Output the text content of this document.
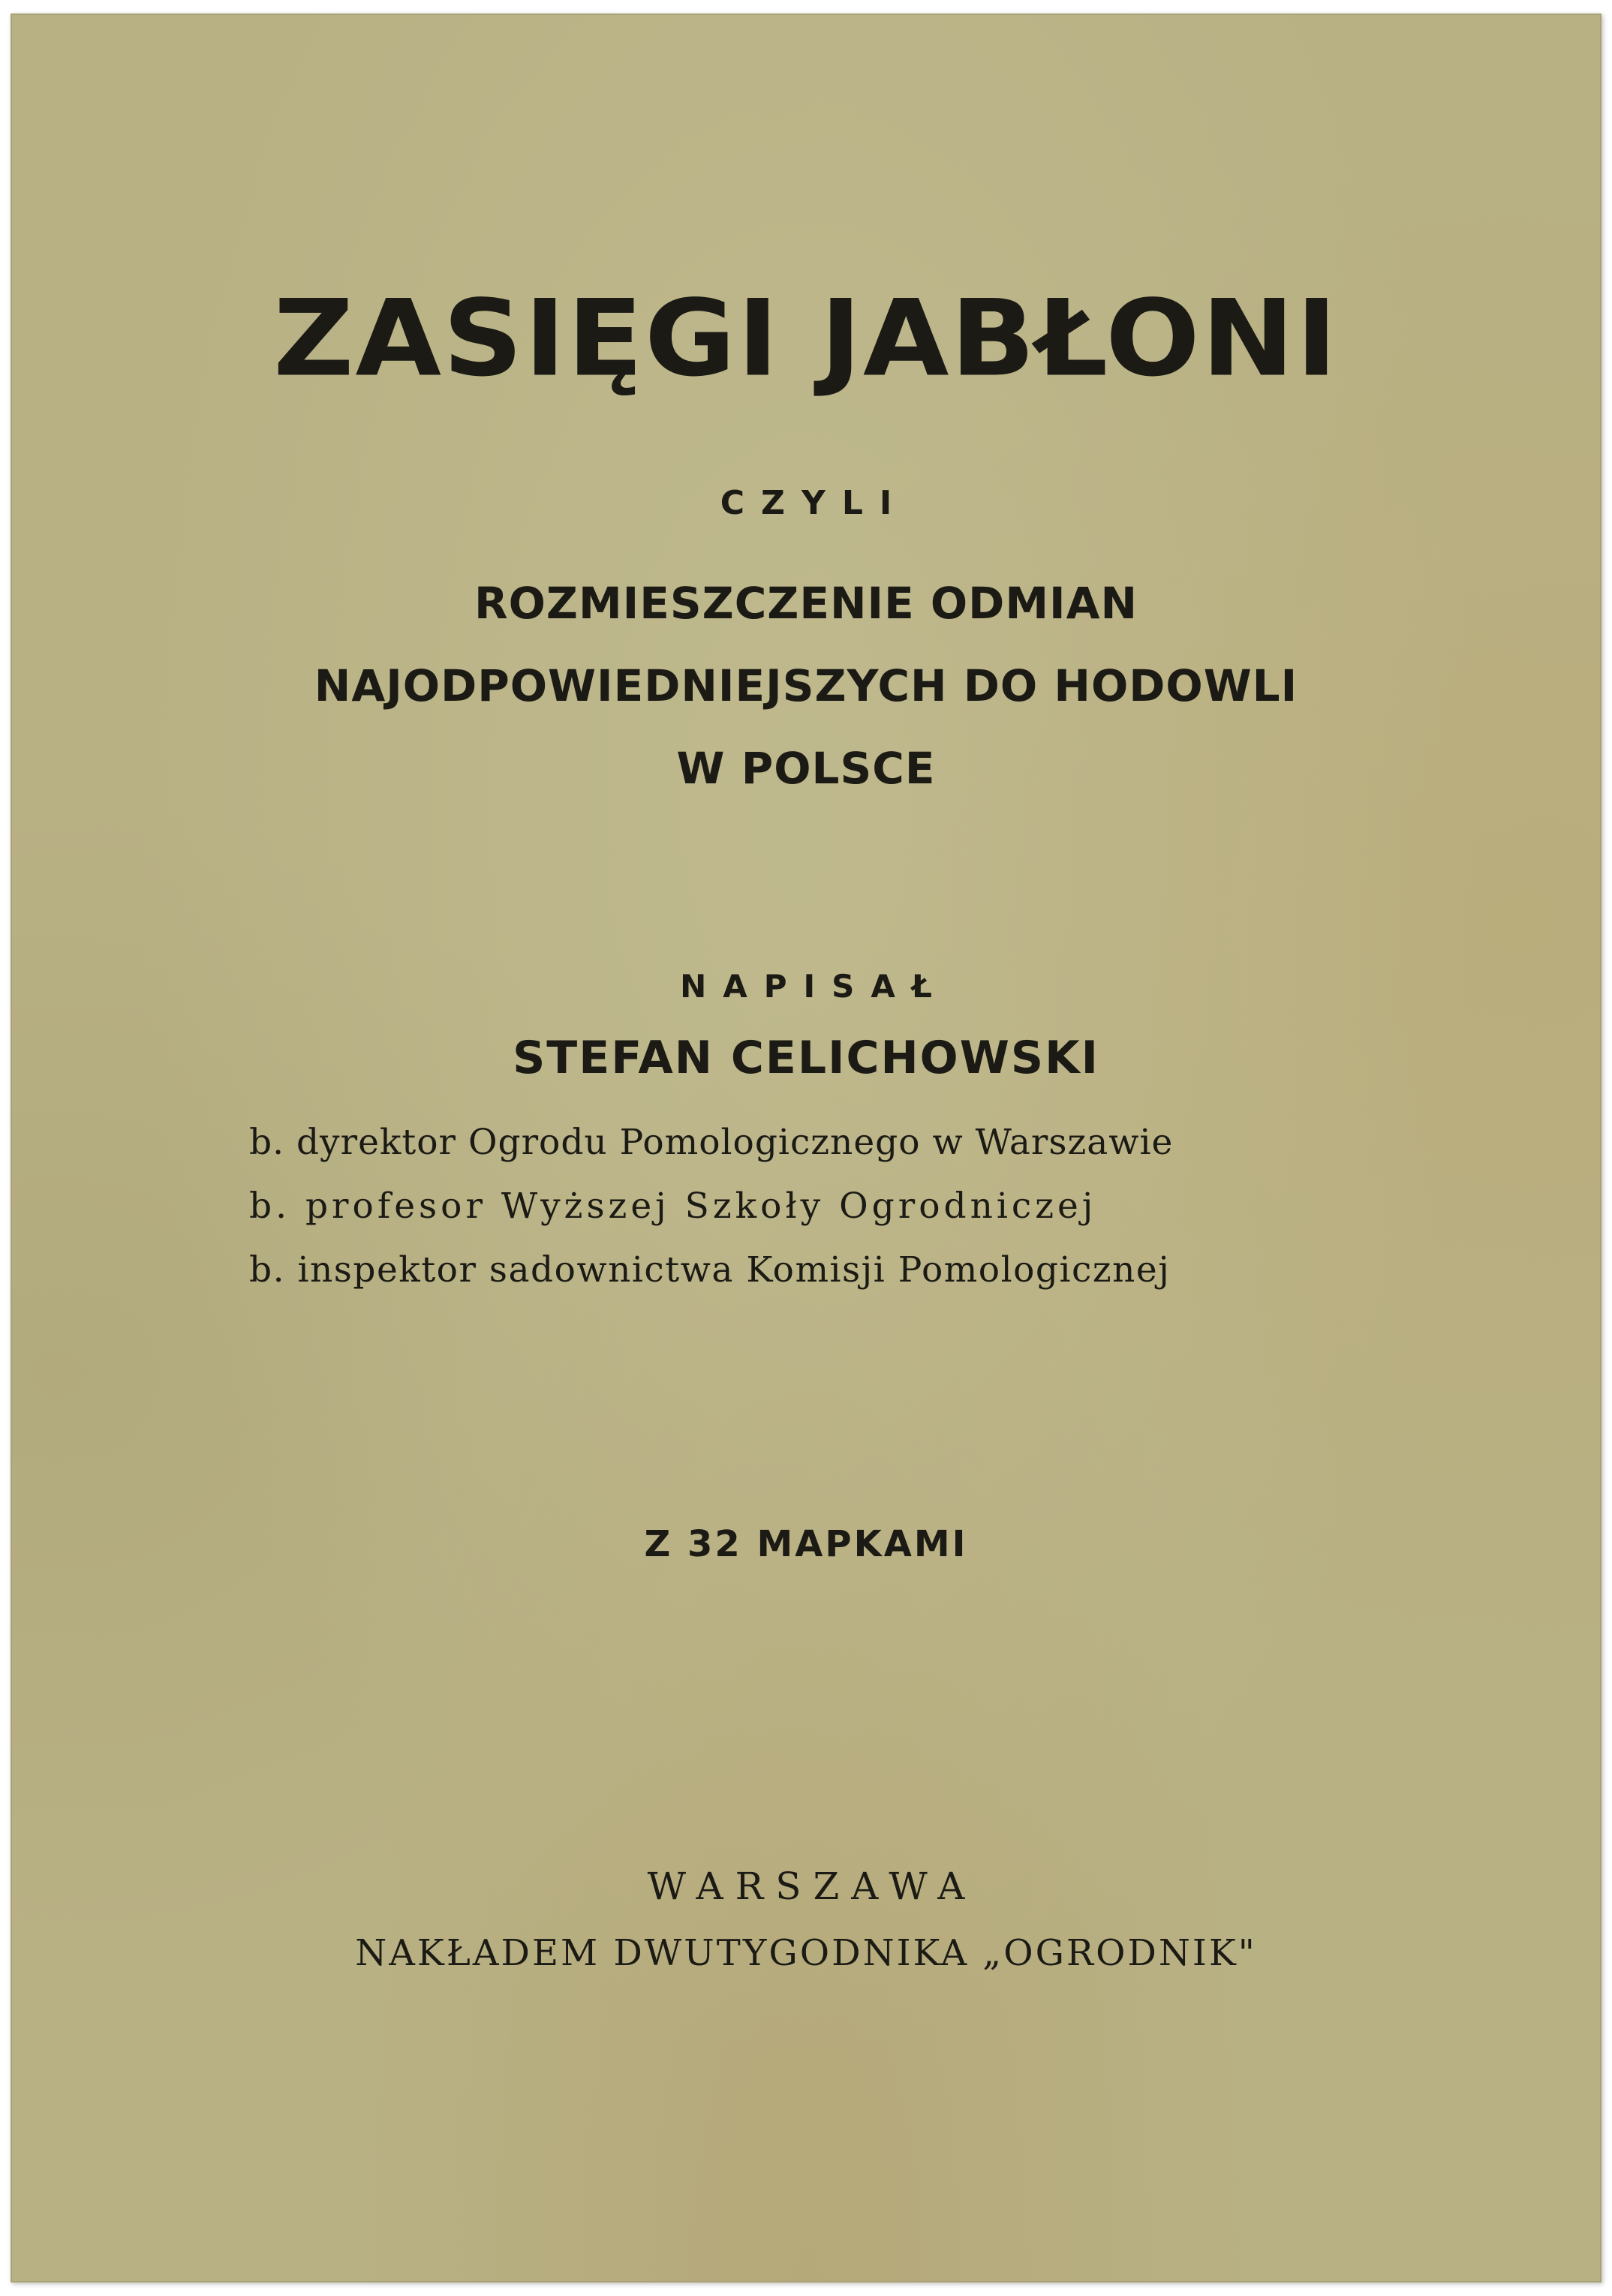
ZASIĘGI JABŁONI
CZYLI
ROZMIESZCZENIE ODMIAN
NAJODPOWIEDNIEJSZYCH DO HODOWLI
W POLSCE
NAPISAŁ
STEFAN CELICHOWSKI
b. dyrektor Ogrodu Pomologicznego w Warszawie
b. profesor Wyższej Szkoły Ogrodniczej
b. inspektor sadownictwa Komisji Pomologicznej
Z 32 MAPKAMI
WARSZAWA
NAKŁADEM DWUTYGODNIKA „OGRODNIK"
